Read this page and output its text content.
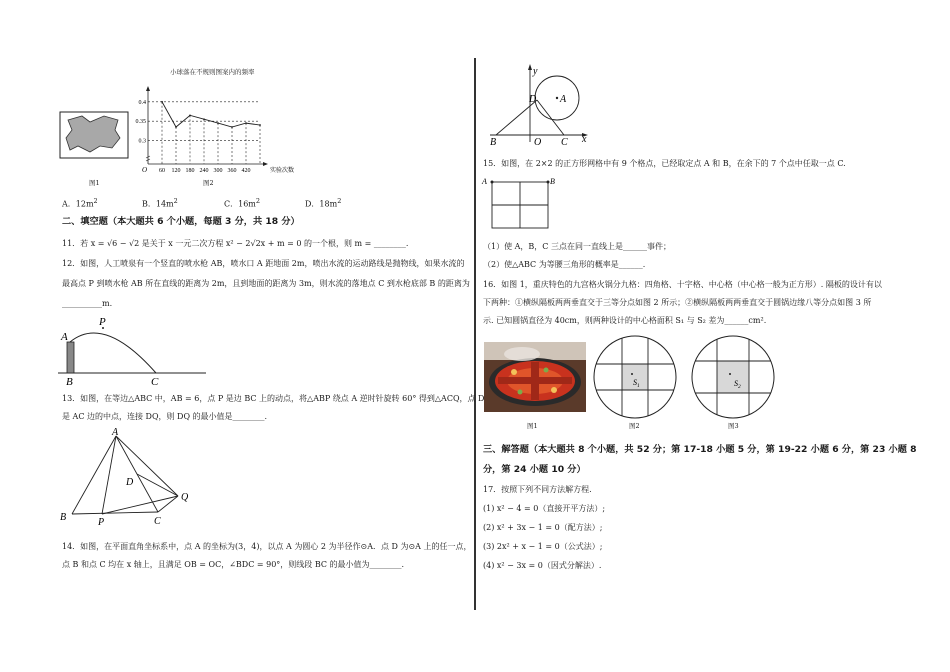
图1
小球落在不规则图案内的频率
0.4
0.35
0.3
60 120 180 240 300 360 420	实验次数
O
图2
A．$12m^2$	B．$14m^2$	C．$16m^2$	D．$18m^2$
二、填空题（本大题共 6 个小题，每题 3 分，共 18 分）
11．若 x = √6 − √2 是关于 x 一元二次方程 x² − 2√2x + m = 0 的一个根，则 m = ________.
12．如图，人工喷泉有一个竖直的喷水枪 AB，喷水口 A 距地面 2m，喷出水流的运动路线是抛物线，如果水流的
最高点 P 到喷水枪 AB 所在直线的距离为 2m，且到地面的距离为 3m，则水流的落地点 C 到水枪底部 B 的距离为
__________m.
A
P
B	C
13．如图，在等边△ABC 中，AB = 6，点 P 是边 BC 上的动点，将△ABP 绕点 A 逆时针旋转 60° 得到△ACQ，点 D
是 AC 边的中点，连接 DQ，则 DQ 的最小值是________.
A
B	P	C
D
Q
14．如图，在平面直角坐标系中，点 A 的坐标为(3，4)，以点 A 为圆心 2 为半径作⊙A．点 D 为⊙A 上的任一点，
点 B 和点 C 均在 x 轴上，且满足 OB = OC，∠BDC = 90°，则线段 BC 的最小值为________.
y
D A
B	O C x
15．如图，在 2×2 的正方形网格中有 9 个格点，已经取定点 A 和 B，在余下的 7 个点中任取一点 C.
A	B
（1）使 A，B，C 三点在同一直线上是______事件；
（2）使△ABC 为等腰三角形的概率是______.
16．如图 1，重庆特色的九宫格火锅分九格：四角格、十字格、中心格（中心格一般为正方形）. 隔板的设计有以
下两种：①横纵隔板两两垂直交于三等分点如图 2 所示；②横纵隔板两两垂直交于圆锅边缘八等分点如图 3 所
示. 已知圆锅直径为 40cm，则两种设计的中心格面积 S₁ 与 S₂ 差为______cm².
图1
$S_1$
图2
$S_2$
图3
三、解答题（本大题共 8 个小题，共 52 分；第 17-18 小题 5 分，第 19-22 小题 6 分，第 23 小题 8
分，第 24 小题 10 分）
17．按照下列不同方法解方程.
(1) x² − 4 = 0（直接开平方法）;
(2) x² + 3x − 1 = 0（配方法）;
(3) 2x² + x − 1 = 0（公式法）;
(4) x² − 3x = 0（因式分解法）.
